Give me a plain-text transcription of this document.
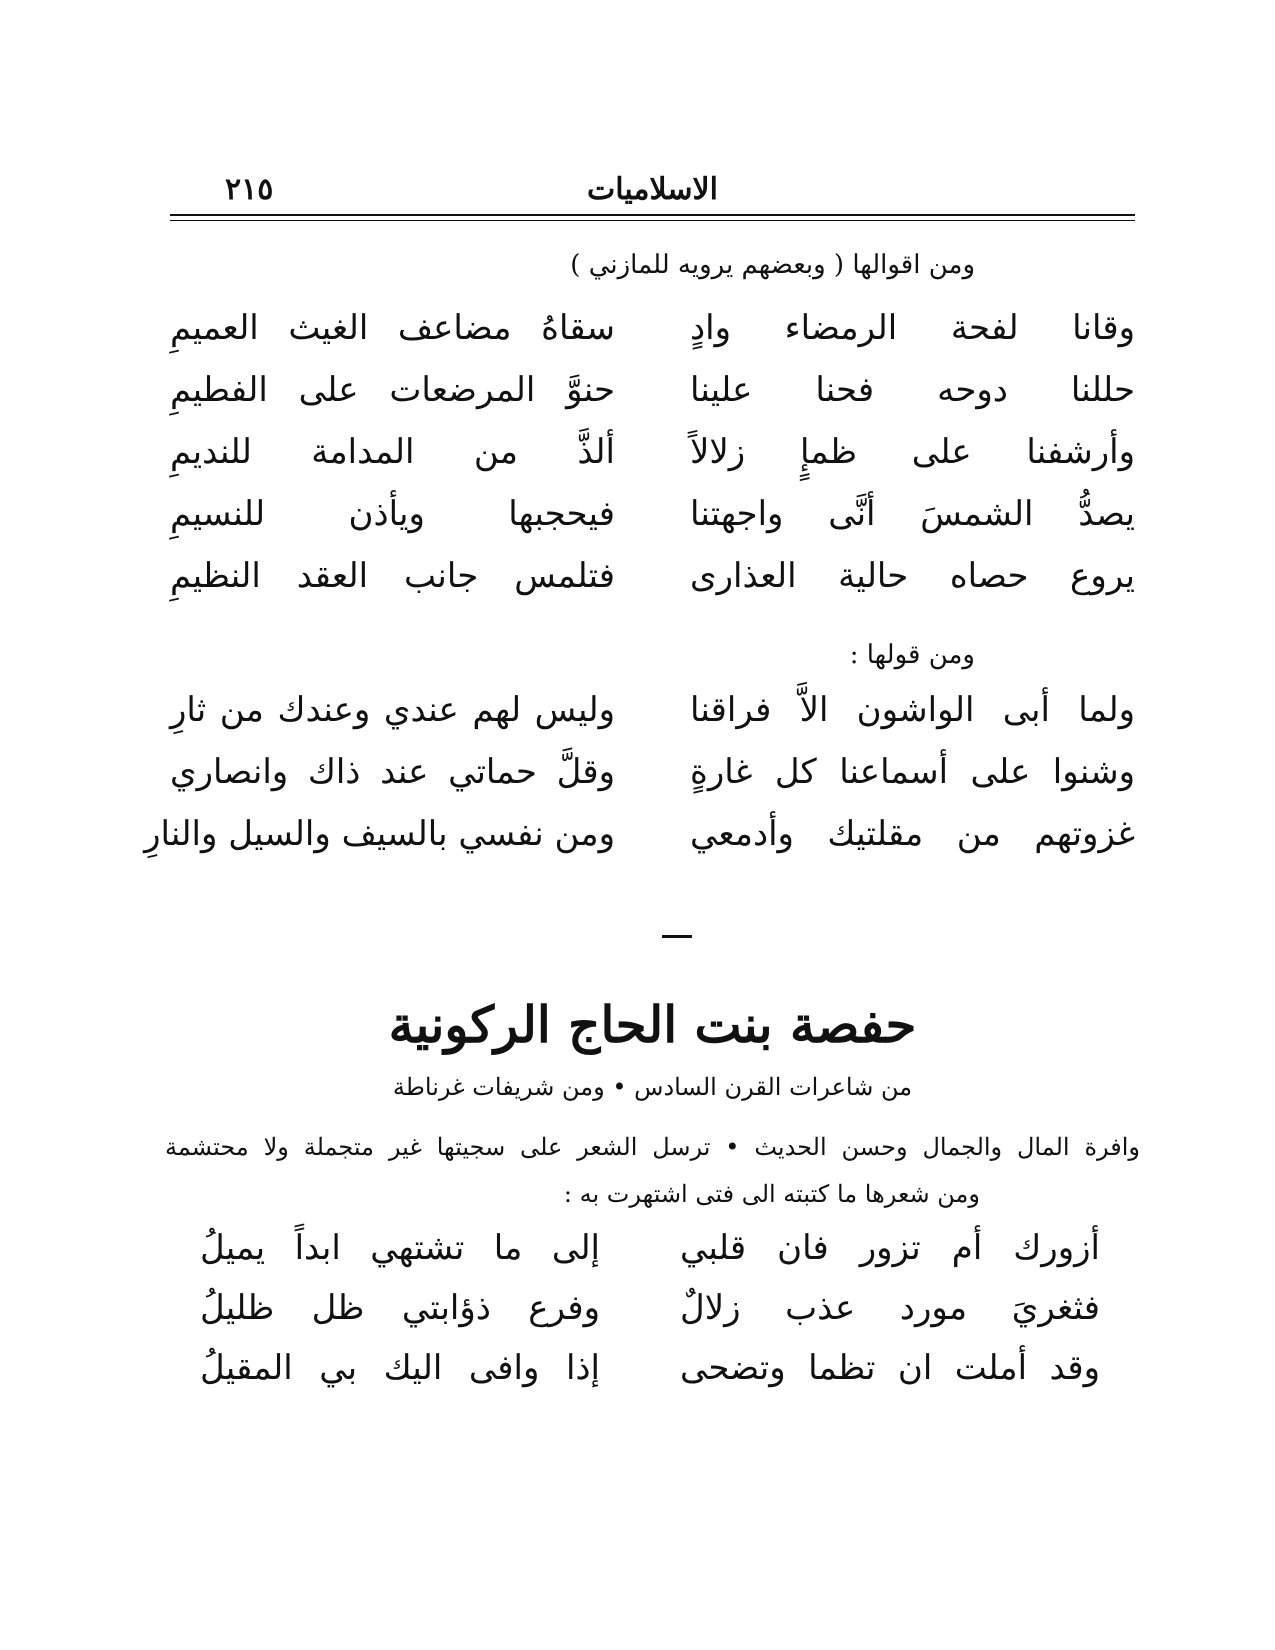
الاسلاميات
٢١٥
ومن اقوالها ( وبعضهم يرويه للمازني )
وقانا لفحة الرمضاء وادٍ
سقاهُ مضاعف الغيث العميمِ
حللنا دوحه فحنا علينا
حنوَّ المرضعات على الفطيمِ
وأرشفنا على ظمإٍ زلالاً
ألذَّ من المدامة للنديمِ
يصدُّ الشمسَ أنَّى واجهتنا
فيحجبها ويأذن للنسيمِ
يروع حصاه حالية العذارى
فتلمس جانب العقد النظيمِ
ومن قولها :
ولما أبى الواشون الاَّ فراقنا
وليس لهم عندي وعندك من ثارِ
وشنوا على أسماعنا كل غارةٍ
وقلَّ حماتي عند ذاك وانصاري
غزوتهم من مقلتيك وأدمعي
ومن نفسي بالسيف والسيل والنارِ
حفصة بنت الحاج الركونية
من شاعرات القرن السادس • ومن شريفات غرناطة
وافرة المال والجمال وحسن الحديث • ترسل الشعر على سجيتها غير متجملة ولا محتشمة
ومن شعرها ما كتبته الى فتى اشتهرت به :
أزورك أم تزور فان قلبي
إلى ما تشتهي ابداً يميلُ
فثغريَ مورد عذب زلالٌ
وفرع ذؤابتي ظل ظليلُ
وقد أملت ان تظما وتضحى
إذا وافى اليك بي المقيلُ
